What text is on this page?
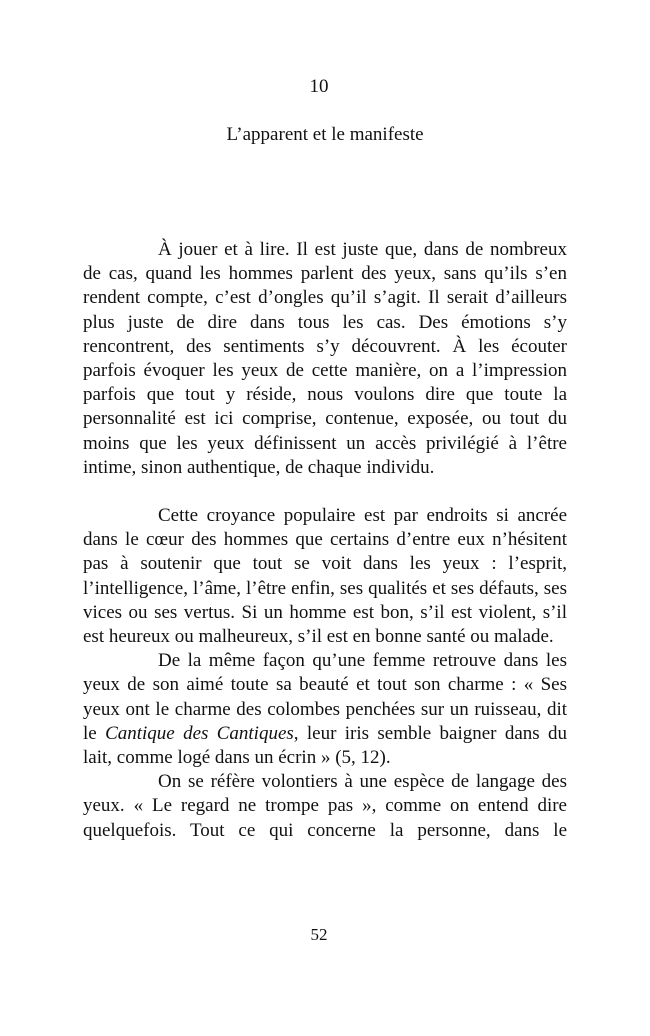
10
L’apparent et le manifeste

À jouer et à lire. Il est juste que, dans de nombreux de cas, quand les hommes parlent des yeux, sans qu’ils s’en rendent compte, c’est d’ongles qu’il s’agit. Il serait d’ailleurs plus juste de dire dans tous les cas. Des émotions s’y rencontrent, des sentiments s’y découvrent. À les écouter parfois évoquer les yeux de cette manière, on a l’impression parfois que tout y réside, nous voulons dire que toute la personnalité est ici comprise, contenue, exposée, ou tout du moins que les yeux définissent un accès privilégié à l’être intime, sinon authentique, de chaque individu.

Cette croyance populaire est par endroits si ancrée dans le cœur des hommes que certains d’entre eux n’hésitent pas à soutenir que tout se voit dans les yeux : l’esprit, l’intelligence, l’âme, l’être enfin, ses qualités et ses défauts, ses vices ou ses vertus. Si un homme est bon, s’il est violent, s’il est heureux ou malheureux, s’il est en bonne santé ou malade.

De la même façon qu’une femme retrouve dans les yeux de son aimé toute sa beauté et tout son charme : « Ses yeux ont le charme des colombes penchées sur un ruisseau, dit le Cantique des Cantiques, leur iris semble baigner dans du lait, comme logé dans un écrin » (5, 12).

On se réfère volontiers à une espèce de langage des yeux. « Le regard ne trompe pas », comme on entend dire quelquefois. Tout ce qui concerne la personne, dans le

52
